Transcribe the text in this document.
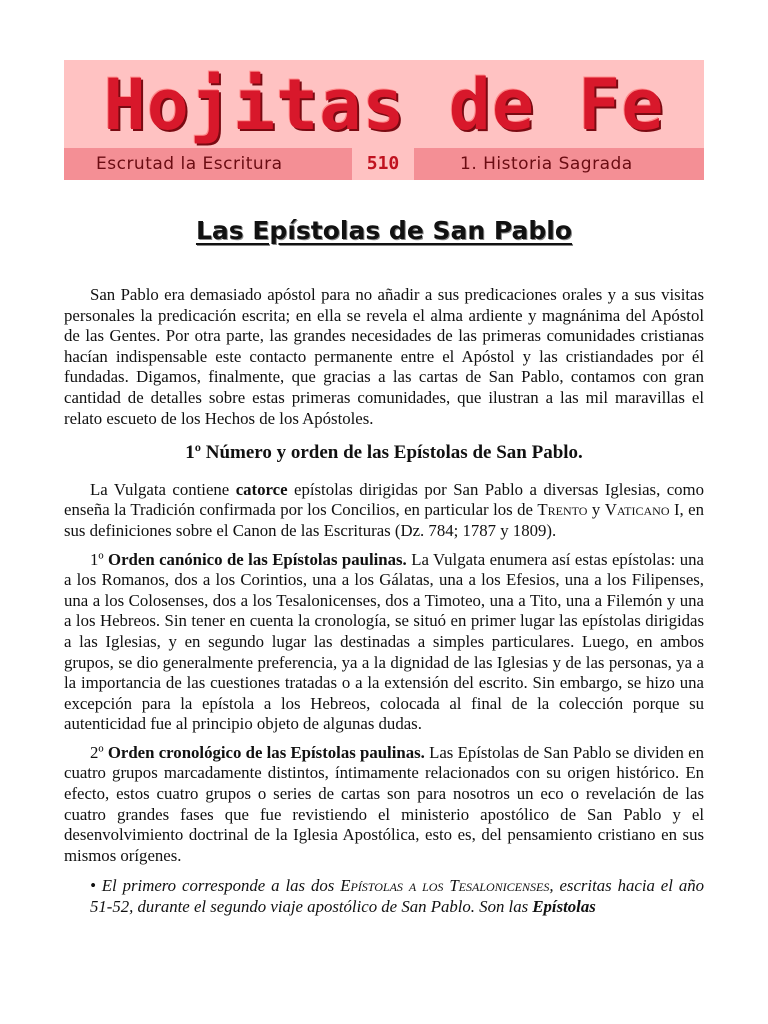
Hojitas de Fe
Escrutad la Escritura	510	1. Historia Sagrada
Las Epístolas de San Pablo

San Pablo era demasiado apóstol para no añadir a sus predicaciones orales y a sus visitas personales la predicación escrita; en ella se revela el alma ardiente y magnánima del Apóstol de las Gentes. Por otra parte, las grandes necesidades de las primeras comunidades cristianas hacían indispensable este contacto permanente entre el Apóstol y las cristiandades por él fundadas. Digamos, finalmente, que gracias a las cartas de San Pablo, contamos con gran cantidad de detalles sobre estas primeras comunidades, que ilustran a las mil maravillas el relato escueto de los Hechos de los Apóstoles.

1º Número y orden de las Epístolas de San Pablo.

La Vulgata contiene catorce epístolas dirigidas por San Pablo a diversas Iglesias, como enseña la Tradición confirmada por los Concilios, en particular los de Trento y Vaticano I, en sus definiciones sobre el Canon de las Escrituras (Dz. 784; 1787 y 1809).

1º Orden canónico de las Epístolas paulinas. La Vulgata enumera así estas epístolas: una a los Romanos, dos a los Corintios, una a los Gálatas, una a los Efesios, una a los Filipenses, una a los Colosenses, dos a los Tesalonicenses, dos a Timoteo, una a Tito, una a Filemón y una a los Hebreos. Sin tener en cuenta la cronología, se situó en primer lugar las epístolas dirigidas a las Iglesias, y en segundo lugar las destinadas a simples particulares. Luego, en ambos grupos, se dio generalmente preferencia, ya a la dignidad de las Iglesias y de las personas, ya a la importancia de las cuestiones tratadas o a la extensión del escrito. Sin embargo, se hizo una excepción para la epístola a los Hebreos, colocada al final de la colección porque su autenticidad fue al principio objeto de algunas dudas.

2º Orden cronológico de las Epístolas paulinas. Las Epístolas de San Pablo se dividen en cuatro grupos marcadamente distintos, íntimamente relacionados con su origen histórico. En efecto, estos cuatro grupos o series de cartas son para nosotros un eco o revelación de las cuatro grandes fases que fue revistiendo el ministerio apostólico de San Pablo y el desenvolvimiento doctrinal de la Iglesia Apostólica, esto es, del pensamiento cristiano en sus mismos orígenes.

• El primero corresponde a las dos Epístolas a los Tesalonicenses, escritas hacia el año 51-52, durante el segundo viaje apostólico de San Pablo. Son las Epístolas
